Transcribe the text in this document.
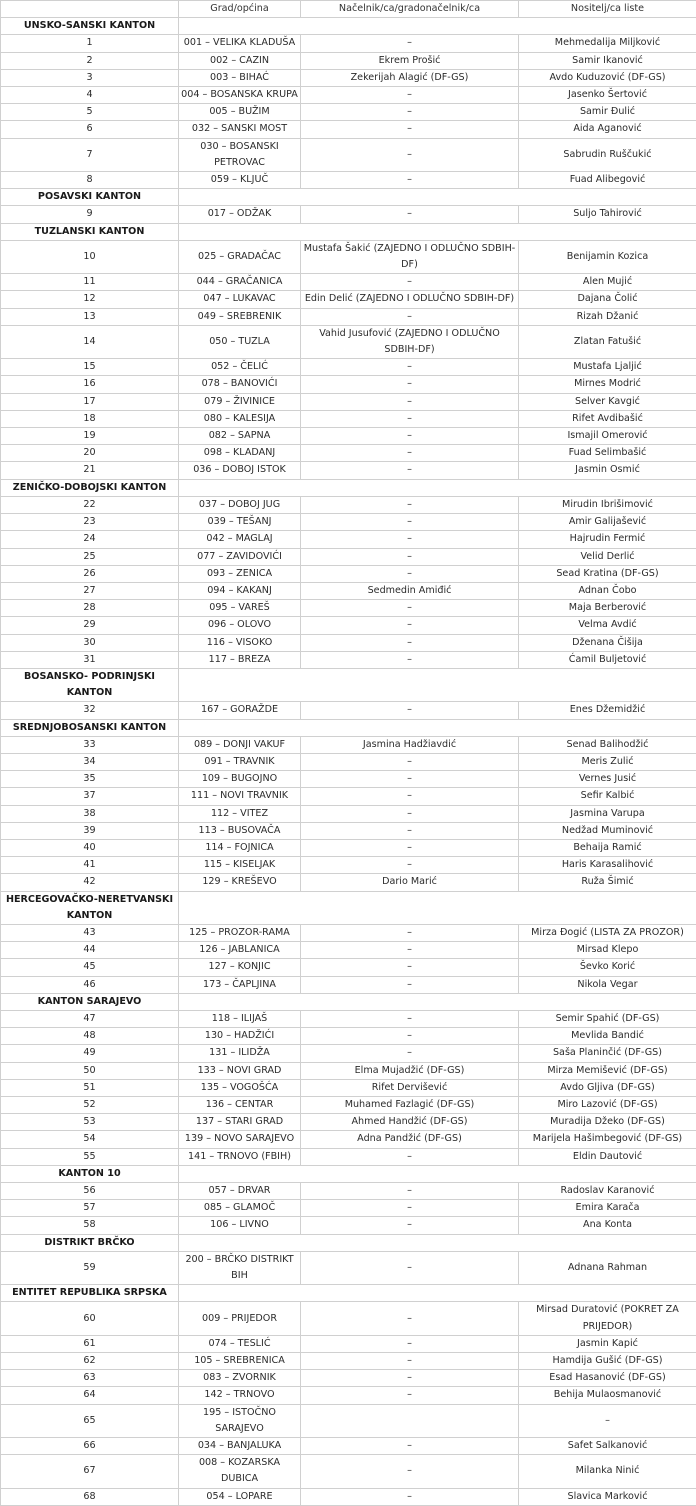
	Grad/općina	Načelnik/ca/gradonačelnik/ca	Nositelj/ca liste
UNSKO-SANSKI KANTON			
1	001 – VELIKA KLADUŠA	–	Mehmedalija Miljković
2	002 – CAZIN	Ekrem Prošić	Samir Ikanović
3	003 – BIHAĆ	Zekerijah Alagić (DF-GS)	Avdo Kuduzović (DF-GS)
4	004 – BOSANSKA KRUPA	–	Jasenko Šertović
5	005 – BUŽIM	–	Samir Đulić
6	032 – SANSKI MOST	–	Aida Aganović
7	030 – BOSANSKI PETROVAC	–	Sabrudin Ruščukić
8	059 – KLJUČ	–	Fuad Alibegović
POSAVSKI KANTON			
9	017 – ODŽAK	–	Suljo Tahirović
TUZLANSKI KANTON			
10	025 – GRADAČAC	Mustafa Šakić (ZAJEDNO I ODLUČNO SDBIH-DF)	Benijamin Kozica
11	044 – GRAČANICA	–	Alen Mujić
12	047 – LUKAVAC	Edin Delić (ZAJEDNO I ODLUČNO SDBIH-DF)	Dajana Čolić
13	049 – SREBRENIK	–	Rizah Džanić
14	050 – TUZLA	Vahid Jusufović (ZAJEDNO I ODLUČNO SDBIH-DF)	Zlatan Fatušić
15	052 – ČELIĆ	–	Mustafa Ljaljić
16	078 – BANOVIĆI	–	Mirnes Modrić
17	079 – ŽIVINICE	–	Selver Kavgić
18	080 – KALESIJA	–	Rifet Avdibašić
19	082 – SAPNA	–	Ismajil Omerović
20	098 – KLADANJ	–	Fuad Selimbašić
21	036 – DOBOJ ISTOK	–	Jasmin Osmić
ZENIČKO-DOBOJSKI KANTON			
22	037 – DOBOJ JUG	–	Mirudin Ibrišimović
23	039 – TEŠANJ	–	Amir Galijašević
24	042 – MAGLAJ	–	Hajrudin Fermić
25	077 – ZAVIDOVIĆI	–	Velid Derlić
26	093 – ZENICA	–	Sead Kratina (DF-GS)
27	094 – KAKANJ	Sedmedin Amiđić	Adnan Čobo
28	095 – VAREŠ	–	Maja Berberović
29	096 – OLOVO	–	Velma Avdić
30	116 – VISOKO	–	Dženana Čišija
31	117 – BREZA	–	Ćamil Buljetović
BOSANSKO- PODRINJSKI KANTON			
32	167 – GORAŽDE	–	Enes Džemidžić
SREDNJOBOSANSKI KANTON			
33	089 – DONJI VAKUF	Jasmina Hadžiavdić	Senad Balihodžić
34	091 – TRAVNIK	–	Meris Zulić
35	109 – BUGOJNO	–	Vernes Jusić
37	111 – NOVI TRAVNIK	–	Sefir Kalbić
38	112 – VITEZ	–	Jasmina Varupa
39	113 – BUSOVAČA	–	Nedžad Muminović
40	114 – FOJNICA	–	Behaija Ramić
41	115 – KISELJAK	–	Haris Karasalihović
42	129 – KREŠEVO	Dario Marić	Ruža Šimić
HERCEGOVAČKO-NERETVANSKI KANTON			
43	125 – PROZOR-RAMA	–	Mirza Đogić (LISTA ZA PROZOR)
44	126 – JABLANICA	–	Mirsad Klepo
45	127 – KONJIC	–	Ševko Korić
46	173 – ČAPLJINA	–	Nikola Vegar
KANTON SARAJEVO			
47	118 – ILIJAŠ	–	Semir Spahić (DF-GS)
48	130 – HADŽIĆI	–	Mevlida Bandić
49	131 – ILIDŽA	–	Saša Planinčić (DF-GS)
50	133 – NOVI GRAD	Elma Mujadžić (DF-GS)	Mirza Memišević (DF-GS)
51	135 – VOGOŠĆA	Rifet Dervišević	Avdo Gljiva (DF-GS)
52	136 – CENTAR	Muhamed Fazlagić (DF-GS)	Miro Lazović (DF-GS)
53	137 – STARI GRAD	Ahmed Handžić (DF-GS)	Muradija Džeko (DF-GS)
54	139 – NOVO SARAJEVO	Adna Pandžić (DF-GS)	Marijela Hašimbegović (DF-GS)
55	141 – TRNOVO (FBIH)	–	Eldin Dautović
KANTON 10			
56	057 – DRVAR	–	Radoslav Karanović
57	085 – GLAMOČ	–	Emira Karača
58	106 – LIVNO	–	Ana Konta
DISTRIKT BRČKO			
59	200 – BRČKO DISTRIKT BIH	–	Adnana Rahman
ENTITET REPUBLIKA SRPSKA			
60	009 – PRIJEDOR	–	Mirsad Duratović (POKRET ZA PRIJEDOR)
61	074 – TESLIĆ	–	Jasmin Kapić
62	105 – SREBRENICA	–	Hamdija Gušić (DF-GS)
63	083 – ZVORNIK	–	Esad Hasanović (DF-GS)
64	142 – TRNOVO	–	Behija Mulaosmanović
65	195 – ISTOČNO SARAJEVO		–
66	034 – BANJALUKA	–	Safet Salkanović
67	008 – KOZARSKA DUBICA	–	Milanka Ninić
68	054 – LOPARE	–	Slavica Marković
